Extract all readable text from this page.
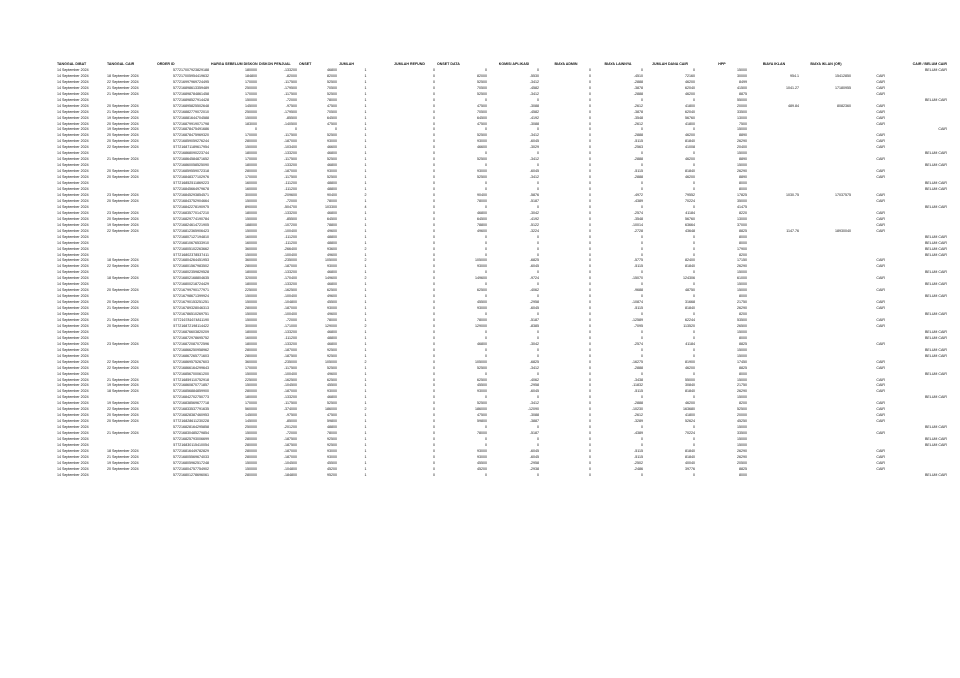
TANGGAL DIBAT	TANGGAL CAIR	ORDER ID	HARGA SEBELUM DISKON	DISKON PENJUAL	ONSET	JUMLAH	JUMLAH REFUND	ONSET DATA	KOMISI APLIKASI	BIAYA ADMIN	BIAYA LAINNYA	JUMLAH DANA CAIR	HPP	BIAYA IKLAN	BIAYA IKLAN (OR)		CAIR / BELUM CAIR
14 September 2024		577217007923829188	180000	-133200	46800	1	0	0	0	0	0	0	15000				BELUM CAIR
14 September 2024	18 September 2024	577217005954419632	184800	-82000	82000	1	0	82000	-5530	0	-4510	72160	30000	954.1	15412850	CAIR	
14 September 2024	22 September 2024	577216997969724495	170000	-117500	52500	1	0	52500	-3412	0	-2888	46200	8499			CAIR	
14 September 2024	21 September 2024	577216898613359489	250000	-179500	70500	1	0	70500	-4582	0	-3878	62040	41500	1041.27	17180955	CAIR	
14 September 2024	21 September 2024	577216898784861458	170000	-117500	52500	1	0	52500	-3412	0	-2888	46200	8875			CAIR	
14 September 2024		577216898527914428	150000	-72000	78000	1	0	0	0	0	0	0	55000				BELUM CAIR
14 September 2024	20 September 2024	577216895825502648	145000	-97500	47500	1	0	47500	-3088	0	-2612	41800	20000	489.84	8082360	CAIR	
14 September 2024	21 September 2024	577216882779072010	250000	-179500	70500	1	0	70500	-4582	0	-3878	62040	33500			CAIR	
14 September 2024	19 September 2024	577216881644704588	150000	-85500	64500	1	0	64500	-4192	0	-3548	56760	13000			CAIR	
14 September 2024	20 September 2024	577216879919071798	183000	-140500	47500	1	0	47500	-3088	0	-2612	41800	7500			CAIR	
14 September 2024	19 September 2024	577216878475491686	0	0	0	1	0	0	0	0	0	0	15000				CAIR
14 September 2024	20 September 2024	577216878475969320	170000	-117500	52500	1	0	52500	-3412	0	-2888	46200	8890			CAIR	
14 September 2024	20 September 2024	577216859059276244	280000	-187000	93000	1	0	93000	-6045	0	-5115	81840	26290			CAIR	
14 September 2024	22 September 2024	577216871189617954	150000	-103400	46600	1	0	46600	-3029	0	-2563	41008	20400			CAIR	
14 September 2024		577216868090223744	180000	-133200	46800	1	0	0	0	0	0	0	15000				BELUM CAIR
14 September 2024	21 September 2024	577216864584871652	170000	-117500	52500	1	0	52500	-3412	0	-2888	46200	8890			CAIR	
14 September 2024		577216860058525090	180000	-133200	46800	1	0	0	0	0	0	0	15000				BELUM CAIR
14 September 2024	20 September 2024	577216859559072318	280000	-187000	93000	1	0	93000	-6045	0	-5115	81840	26290			CAIR	
14 September 2024	20 September 2024	577216848377102976	170000	-117500	52500	1	0	52500	-3412	0	-2888	46200	8890			CAIR	
14 September 2024		577216852511869223	160000	-111200	48800	1	0	0	0	0	0	0	8000				BELUM CAIR
14 September 2024		577216845664979678	160000	-111200	48800	1	0	0	0	0	0	0	8000				BELUM CAIR
14 September 2024	23 September 2024	577216845293854571	300000	-209600	90400	2	0	90400	-5876	0	-4972	79552	17825	1030.75	17037575	CAIR	
14 September 2024	20 September 2024	577216843752904664	150000	-72000	78000	1	0	78000	-5187	0	-4389	70224	35000			CAIR	
14 September 2024		577216842278190975	890000	-504700	103300	4	0	0	0	0	0	0	41475				BELUM CAIR
14 September 2024	23 September 2024	577216835770147210	180000	-133200	46800	1	0	46800	-3042	0	-2574	41184	8220			CAIR	
14 September 2024	20 September 2024	577216829774190784	150000	-85500	64500	1	0	64500	-4192	0	-3548	56760	13000			CAIR	
14 September 2024	19 September 2024	577216824614721905	188000	-107200	78800	1	0	78800	-5122	0	-10014	63664	37000			CAIR	
14 September 2024	22 September 2024	577216812365906423	150000	-100400	49600	1	0	49600	-3224	0	-2728	43648	8825	1147.76	18930040	CAIR	
14 September 2024		577216807127194810	160000	-111200	48800	1	0	0	0	0	0	0	8000				BELUM CAIR
14 September 2024		577216810676533910	160000	-111200	48800	1	0	0	0	0	0	0	8000				BELUM CAIR
14 September 2024		577216805102263662	360000	-266400	93600	2	0	0	0	0	0	0	17900				BELUM CAIR
14 September 2024		577216802378537411	150000	-100400	49600	1	0	0	0	0	0	0	8200				BELUM CAIR
14 September 2024	18 September 2024	577216804264451953	360000	-235000	105000	2	0	105000	-6825	0	-5775	82400	17150			CAIR	
14 September 2024	22 September 2024	577216801567983502	280000	-187000	93000	1	0	93000	-6045	0	-5115	81840	26290			CAIR	
14 September 2024		577216802359829528	180000	-133200	46800	1	0	0	0	0	0	0	15000				BELUM CAIR
14 September 2024	18 September 2024	577216802168804635	320000	-170400	149600	2	0	149600	-9724	0	-15070	124306	61000			CAIR	
14 September 2024		577216800218724429	180000	-133200	46800	1	0	0	0	0	0	0	15000				BELUM CAIR
14 September 2024	20 September 2024	577216799790177971	225000	-162500	62500	1	0	62500	-4062	0	-9688	48750	15000			CAIR	
14 September 2024		577216798671399924	150000	-100400	49600	1	0	0	0	0	0	0	8000				BELUM CAIR
14 September 2024	20 September 2024	577216790153251251	150000	-104800	45500	1	0	45500	-2958	0	-10874	31668	21750			CAIR	
14 September 2024	21 September 2024	577216789328046313	280000	-187000	93000	1	0	93000	-6045	0	-5115	81840	26290			CAIR	
14 September 2024		577216786510269751	150000	-100400	49600	1	0	0	0	0	0	0	8200				BELUM CAIR
14 September 2024	21 September 2024	577216781674811190	150000	-72000	78000	1	0	78000	-5187	0	-12589	62244	53500			CAIR	
14 September 2024	20 September 2024	577216872198114422	300000	-171000	129000	2	0	129000	-8385	0	-7095	113520	26500			CAIR	
14 September 2024		577216876603820209	180000	-133200	46800	1	0	0	0	0	0	0	15000				BELUM CAIR
14 September 2024		577216872978695752	160000	-111200	48800	1	0	0	0	0	0	0	8000				BELUM CAIR
14 September 2024	23 September 2024	577216872087072596	180000	-133200	46800	1	0	46800	-3042	0	-2574	41184	8825			CAIR	
14 September 2024		577216866250958962	280000	-187000	92500	1	0	0	0	0	0	0	15000				BELUM CAIR
14 September 2024		577216867265771603	280000	-187500	92500	1	0	0	0	0	0	0	15000				BELUM CAIR
14 September 2024	22 September 2024	577216869575267603	360000	-235000	105000	2	0	105000	-6825	0	-16275	81900	17450			CAIR	
14 September 2024	22 September 2024	577216866164299643	170000	-117500	52500	1	0	52500	-3412	0	-2888	46200	8825			CAIR	
14 September 2024		577216856700061200	150000	-100400	49600	1	0	0	0	0	0	0	8000				BELUM CAIR
14 September 2024	21 September 2024	577216859110752918	225000	-162500	62500	1	0	62500	-4062	0	-3438	55000	15000			CAIR	
14 September 2024	19 September 2024	577216860870771857	150000	-104500	45500	1	0	45500	-2958	0	-11832	30840	21750			CAIR	
14 September 2024	18 September 2024	577216856884859900	280000	-187000	93000	1	0	93000	-6045	0	-5115	81840	26290			CAIR	
14 September 2024		577216842702750773	180000	-133200	46800	1	0	0	0	0	0	0	15000				BELUM CAIR
14 September 2024	19 September 2024	577216838569677718	170000	-117500	52500	1	0	52500	-3412	0	-2888	46200	8200			CAIR	
14 September 2024	22 September 2024	577216833537791635	560000	-374000	186000	2	0	186000	-12090	0	-10230	163680	52500			CAIR	
14 September 2024	20 September 2024	577216828387460953	145000	-97500	47500	1	0	47500	-3088	0	-2612	41800	20000			CAIR	
14 September 2024	20 September 2024	577216828611230228	145000	-85000	59800	1	0	59800	-3887	0	-3289	52624	45250			CAIR	
14 September 2024		577216828164295858	250000	-201200	48800	1	0	0	0	0	0	0	15000				BELUM CAIR
14 September 2024	21 September 2024	577216830485279854	150000	-72000	78000	1	0	78000	-5187	0	-4389	70224	33500			CAIR	
14 September 2024		577216825793006699	280000	-187500	92500	1	0	0	0	0	0	0	15000				BELUM CAIR
14 September 2024		577216830115410054	280000	-187500	92500	1	0	0	0	0	0	0	15000				BELUM CAIR
14 September 2024	18 September 2024	577216816449782829	280000	-187000	93000	1	0	93000	-6045	0	-5115	81840	26290			CAIR	
14 September 2024	21 September 2024	577216805569674033	280000	-187000	93000	1	0	93000	-6045	0	-5115	81840	26290			CAIR	
14 September 2024	19 September 2024	577216805962517248	150000	-104500	45500	1	0	45500	-2958	0	-2502	40040	20500			CAIR	
14 September 2024	20 September 2024	577216804757754902	150000	-104800	45200	1	0	45200	-2938	0	-2486	39776	8825			CAIR	
14 September 2024		577216801278696061	280000	-184800	95200	1	0	0	0	0	0	0	8000				BELUM CAIR
